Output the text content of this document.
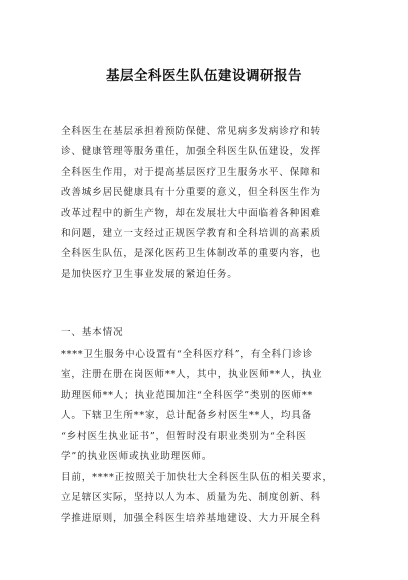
基层全科医生队伍建设调研报告

全科医生在基层承担着预防保健、常见病多发病诊疗和转

诊、健康管理等服务重任，加强全科医生队伍建设，发挥

全科医生作用，对于提高基层医疗卫生服务水平、保障和

改善城乡居民健康具有十分重要的意义，但全科医生作为

改革过程中的新生产物，却在发展壮大中面临着各种困难

和问题，建立一支经过正规医学教育和全科培训的高素质

全科医生队伍，是深化医药卫生体制改革的重要内容，也

是加快医疗卫生事业发展的紧迫任务。

一、基本情况

****卫生服务中心设置有“全科医疗科”，有全科门诊诊

室，注册在册在岗医师**人，其中，执业医师**人，执业

助理医师**人；执业范围加注“全科医学”类别的医师**

人。下辖卫生所**家，总计配备乡村医生**人，均具备

“乡村医生执业证书”，但暂时没有职业类别为“全科医

学”的执业医师或执业助理医师。

目前，****正按照关于加快壮大全科医生队伍的相关要求，

立足辖区实际，坚持以人为本、质量为先、制度创新、科

学推进原则，加强全科医生培养基地建设、大力开展全科
